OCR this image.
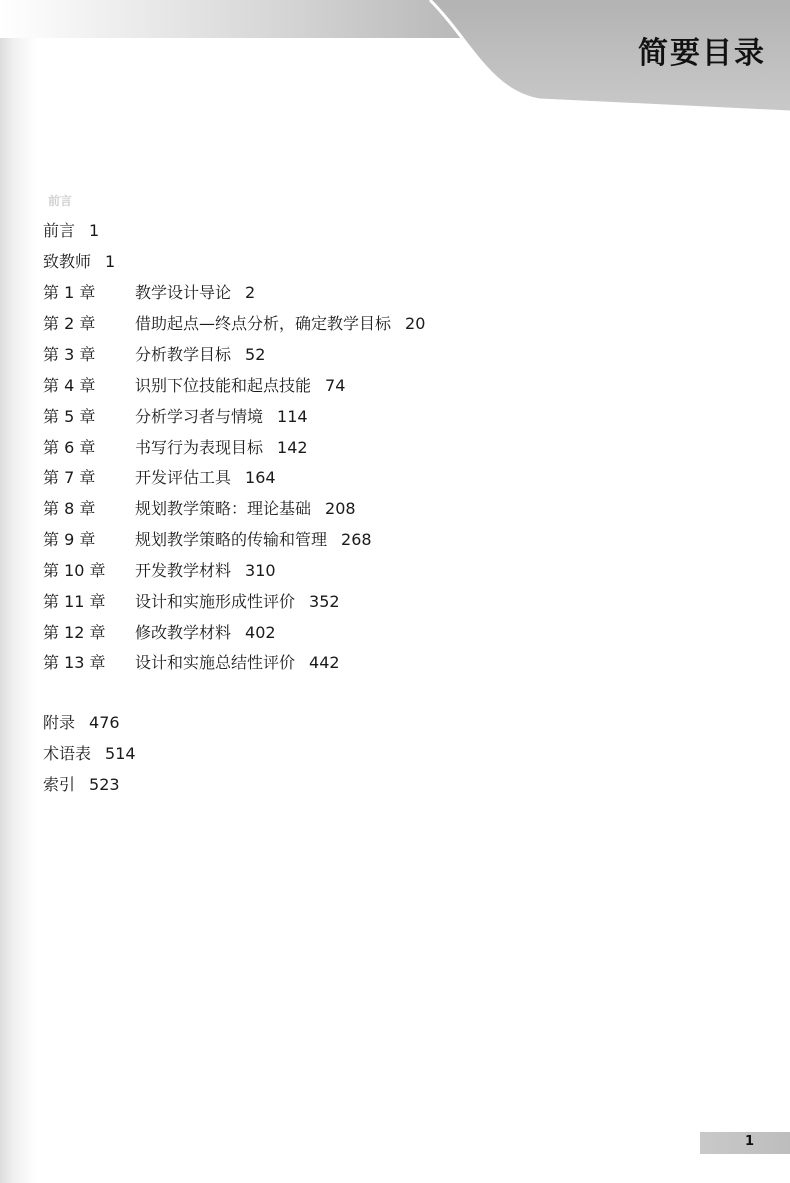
简要目录
前言
前言 1
致教师 1
第 1 章 教学设计导论 2
第 2 章 借助起点—终点分析，确定教学目标 20
第 3 章 分析教学目标 52
第 4 章 识别下位技能和起点技能 74
第 5 章 分析学习者与情境 114
第 6 章 书写行为表现目标 142
第 7 章 开发评估工具 164
第 8 章 规划教学策略：理论基础 208
第 9 章 规划教学策略的传输和管理 268
第 10 章 开发教学材料 310
第 11 章 设计和实施形成性评价 352
第 12 章 修改教学材料 402
第 13 章 设计和实施总结性评价 442
附录 476
术语表 514
索引 523
1
